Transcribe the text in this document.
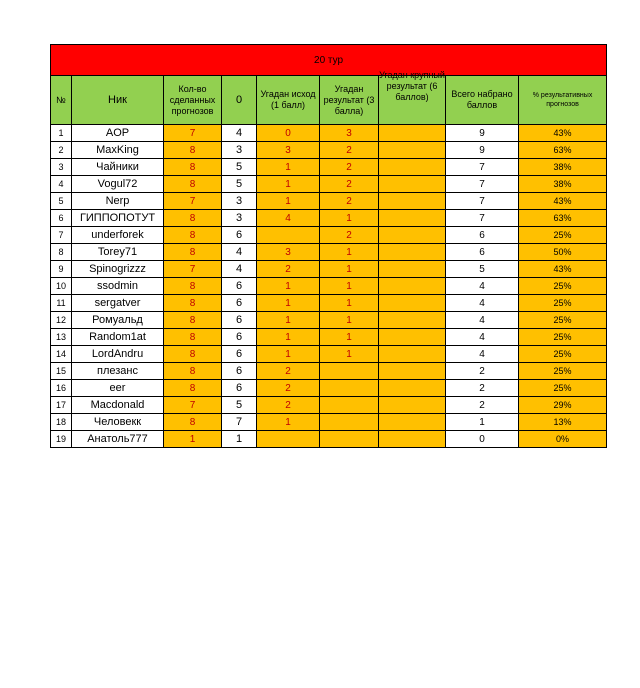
20 тур								
№	Ник	Кол-во сделанных прогнозов	0	Угадан исход (1 балл)	Угадан результат (3 балла)	Угадан крупный результат (6 баллов)	Всего набрано баллов	% результативных прогнозов
1	AOP	7	4	0	3		9	43%
2	MaxKing	8	3	3	2		9	63%
3	Чайники	8	5	1	2		7	38%
4	Vogul72	8	5	1	2		7	38%
5	Nerp	7	3	1	2		7	43%
6	ГИППОПОТУТ	8	3	4	1		7	63%
7	underforek	8	6		2		6	25%
8	Torey71	8	4	3	1		6	50%
9	Spinogrizzz	7	4	2	1		5	43%
10	ssodmin	8	6	1	1		4	25%
11	sergatver	8	6	1	1		4	25%
12	Ромуальд	8	6	1	1		4	25%
13	Random1at	8	6	1	1		4	25%
14	LordAndru	8	6	1	1		4	25%
15	плезанс	8	6	2			2	25%
16	eer	8	6	2			2	25%
17	Macdonald	7	5	2			2	29%
18	Человекк	8	7	1			1	13%
19	Анатоль777	1	1				0	0%
